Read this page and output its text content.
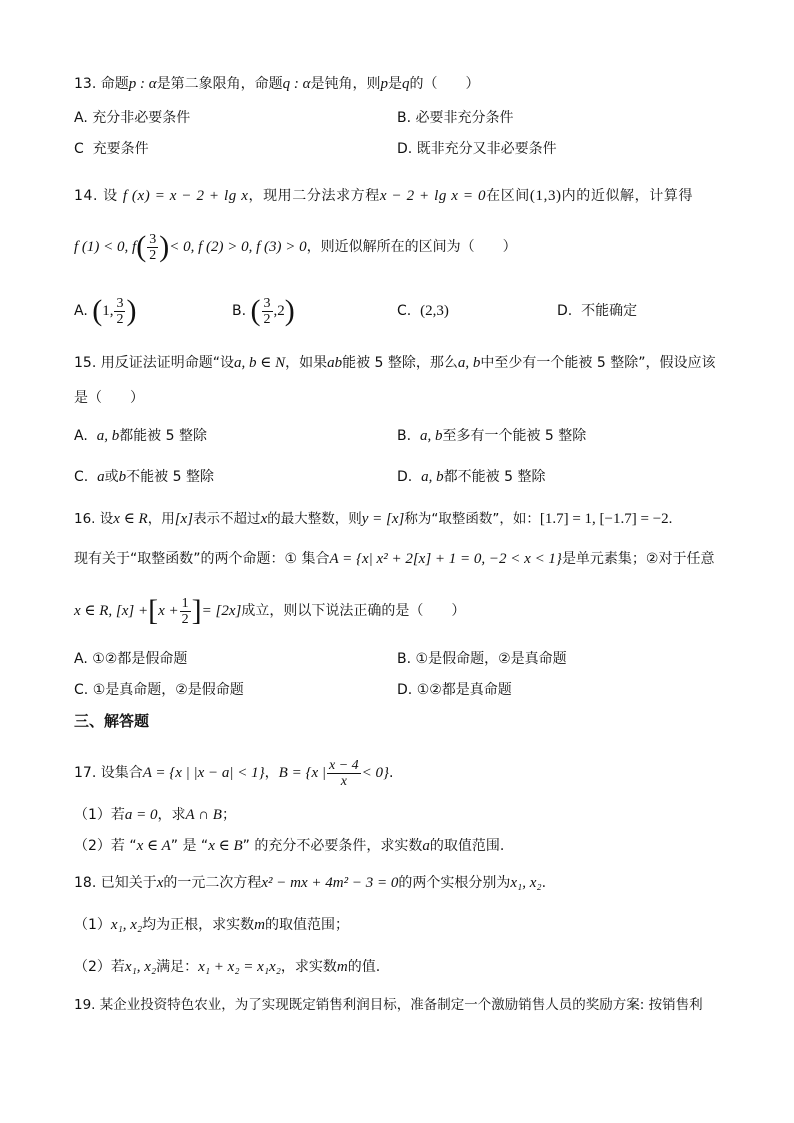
13. 命题p : α是第二象限角，命题q : α是钝角，则p是q的（　　）
A. 充分非必要条件	B. 必要非充分条件
C 充要条件	D. 既非充分又非必要条件
14. 设 f (x) = x − 2 + lg x，现用二分法求方程x − 2 + lg x = 0在区间(1,3)内的近似解，计算得
f (1) < 0, $f( \frac{3}{2}$ )< 0, f (2) > 0, f (3) > 0，则近似解所在的区间为（　　）
A. (1, $\frac{3}{2}$ )	B. ( $\frac{3}{2} ,2$)	C. (2,3)	D. 不能确定
15. 用反证法证明命题“设a, b ∈ N，如果ab能被 5 整除，那么a, b中至少有一个能被 5 整除”，假设应该
是（　　）
A. a, b都能被 5 整除	B. a, b至多有一个能被 5 整除
C. a或b不能被 5 整除	D. a, b都不能被 5 整除
16. 设x ∈ R，用[x]表示不超过x的最大整数，则y = [x]称为“取整函数”，如：[1.7] = 1, [−1.7] = −2.
现有关于“取整函数”的两个命题：① 集合A = {x| x² + 2[x] + 1 = 0, −2 < x < 1}是单元素集；②对于任意
x ∈ R, $[x] +[x + \frac{1}{2}$ ]= [2x]成立，则以下说法正确的是（　　）
A. ①②都是假命题	B. ①是假命题，②是真命题
C. ①是真命题，②是假命题	D. ①②都是真命题
三、解答题
17. 设集合A = {x | |x − a| < 1}，B = {x | $\frac{x - 4}{x} < 0$}.
（1）若a = 0，求A ∩ B；
（2）若 “x ∈ A” 是 “x ∈ B” 的充分不必要条件，求实数a的取值范围.
18. 已知关于x的一元二次方程x² − mx + 4m² − 3 = 0的两个实根分别为x₁, x₂.
（1）x₁, x₂均为正根，求实数m的取值范围；
（2）若x₁, x₂满足：x₁ + x₂ = x₁x₂，求实数m的值.
19. 某企业投资特色农业，为了实现既定销售利润目标，准备制定一个激励销售人员的奖励方案: 按销售利
